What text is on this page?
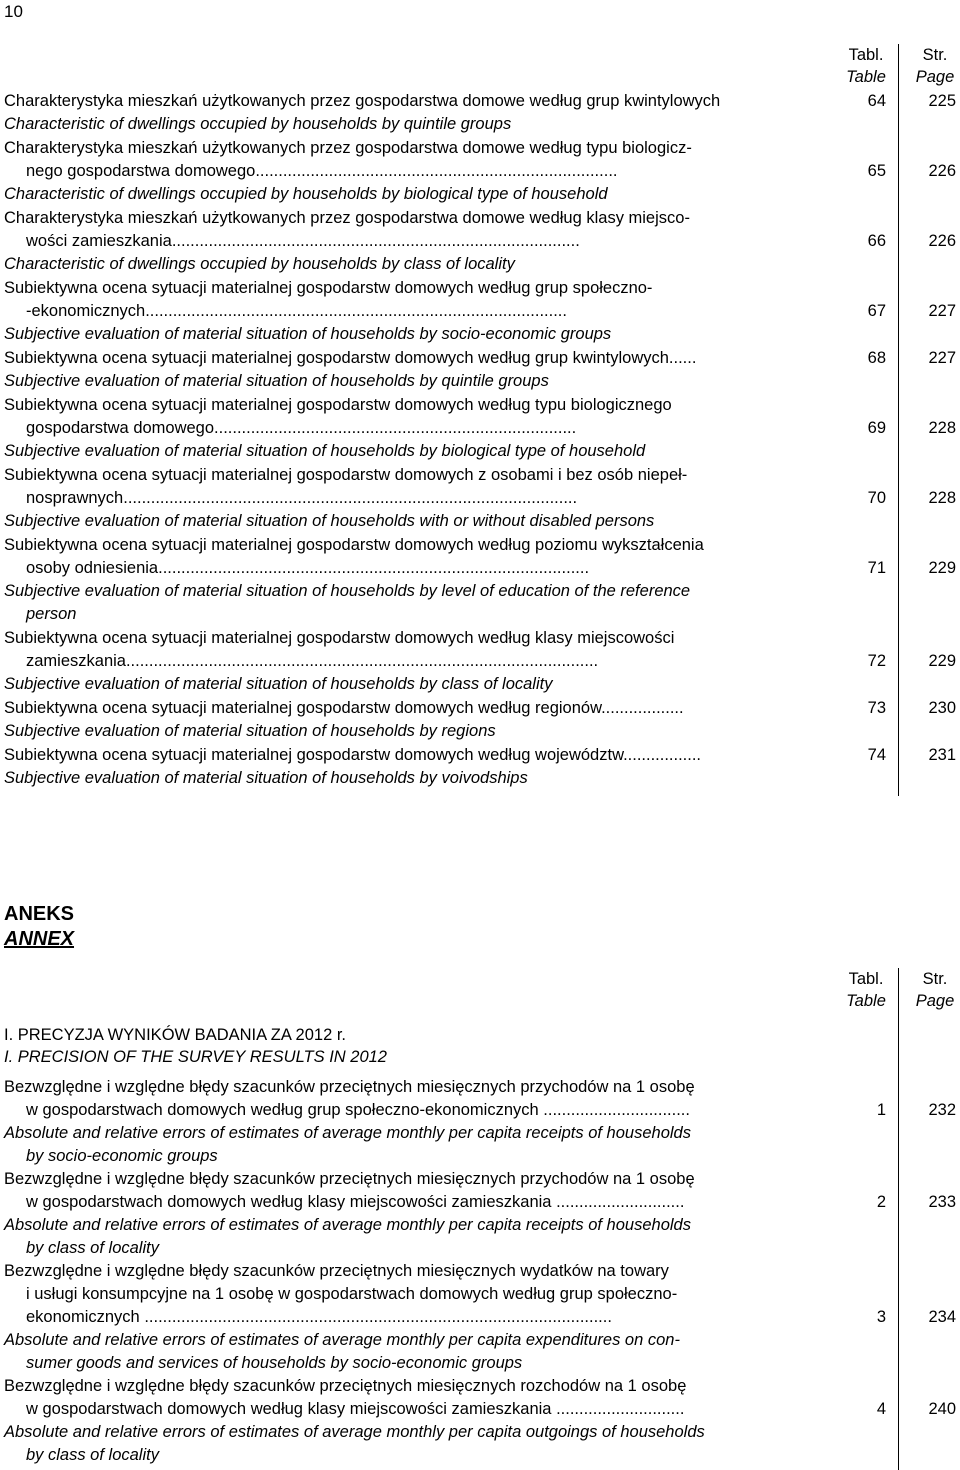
10
Tabl.
Table
Str.
Page
Charakterystyka mieszkań użytkowanych przez gospodarstwa domowe według grup kwintylowych
Characteristic of dwellings occupied by households by quintile groups
64	225
Charakterystyka mieszkań użytkowanych przez gospodarstwa domowe według typu biologicz-
nego gospodarstwa domowego...............................................................................
Characteristic of dwellings occupied by households by biological type of household
65	226
Charakterystyka mieszkań użytkowanych przez gospodarstwa domowe według klasy miejsco-
wości zamieszkania.........................................................................................
Characteristic of dwellings occupied by households by class of locality
66	226
Subiektywna ocena sytuacji materialnej gospodarstw domowych według grup społeczno-
-ekonomicznych............................................................................................
Subjective evaluation of material situation of households by socio-economic groups
67	227
Subiektywna ocena sytuacji materialnej gospodarstw domowych według grup kwintylowych......
Subjective evaluation of material situation of households by quintile groups
68	227
Subiektywna ocena sytuacji materialnej gospodarstw domowych według typu biologicznego
gospodarstwa domowego...............................................................................
Subjective evaluation of material situation of households by biological type of household
69	228
Subiektywna ocena sytuacji materialnej gospodarstw domowych z osobami i bez osób niepeł-
nosprawnych...................................................................................................
Subjective evaluation of material situation of households with or without disabled persons
70	228
Subiektywna ocena sytuacji materialnej gospodarstw domowych według poziomu wykształcenia
osoby odniesienia..............................................................................................
Subjective evaluation of material situation of households by level of education of the reference
person
71	229
Subiektywna ocena sytuacji materialnej gospodarstw domowych według klasy miejscowości
zamieszkania.......................................................................................................
Subjective evaluation of material situation of households by class of locality
72	229
Subiektywna ocena sytuacji materialnej gospodarstw domowych według regionów..................
Subjective evaluation of material situation of households by regions
73	230
Subiektywna ocena sytuacji materialnej gospodarstw domowych według województw.................
Subjective evaluation of material situation of households by voivodships
74	231
ANEKS
ANNEX
Tabl.
Table
Str.
Page
I. PRECYZJA WYNIKÓW BADANIA ZA 2012 r.
I. PRECISION OF THE SURVEY RESULTS IN 2012
Bezwzględne i względne błędy szacunków przeciętnych miesięcznych przychodów na 1 osobę
w gospodarstwach domowych według grup społeczno-ekonomicznych ................................
Absolute and relative errors of estimates of average monthly per capita receipts of households
by socio-economic groups
1	232
Bezwzględne i względne błędy szacunków przeciętnych miesięcznych przychodów na 1 osobę
w gospodarstwach domowych według klasy miejscowości zamieszkania ............................
Absolute and relative errors of estimates of average monthly per capita receipts of households
by class of locality
2	233
Bezwzględne i względne błędy szacunków przeciętnych miesięcznych wydatków na towary
i usługi konsumpcyjne na 1 osobę w gospodarstwach domowych według grup społeczno-
ekonomicznych ......................................................................................................
Absolute and relative errors of estimates of average monthly per capita expenditures on con-
sumer goods and services of households by socio-economic groups
3	234
Bezwzględne i względne błędy szacunków przeciętnych miesięcznych rozchodów na 1 osobę
w gospodarstwach domowych według klasy miejscowości zamieszkania ............................
Absolute and relative errors of estimates of average monthly per capita outgoings of households
by class of locality
4	240
